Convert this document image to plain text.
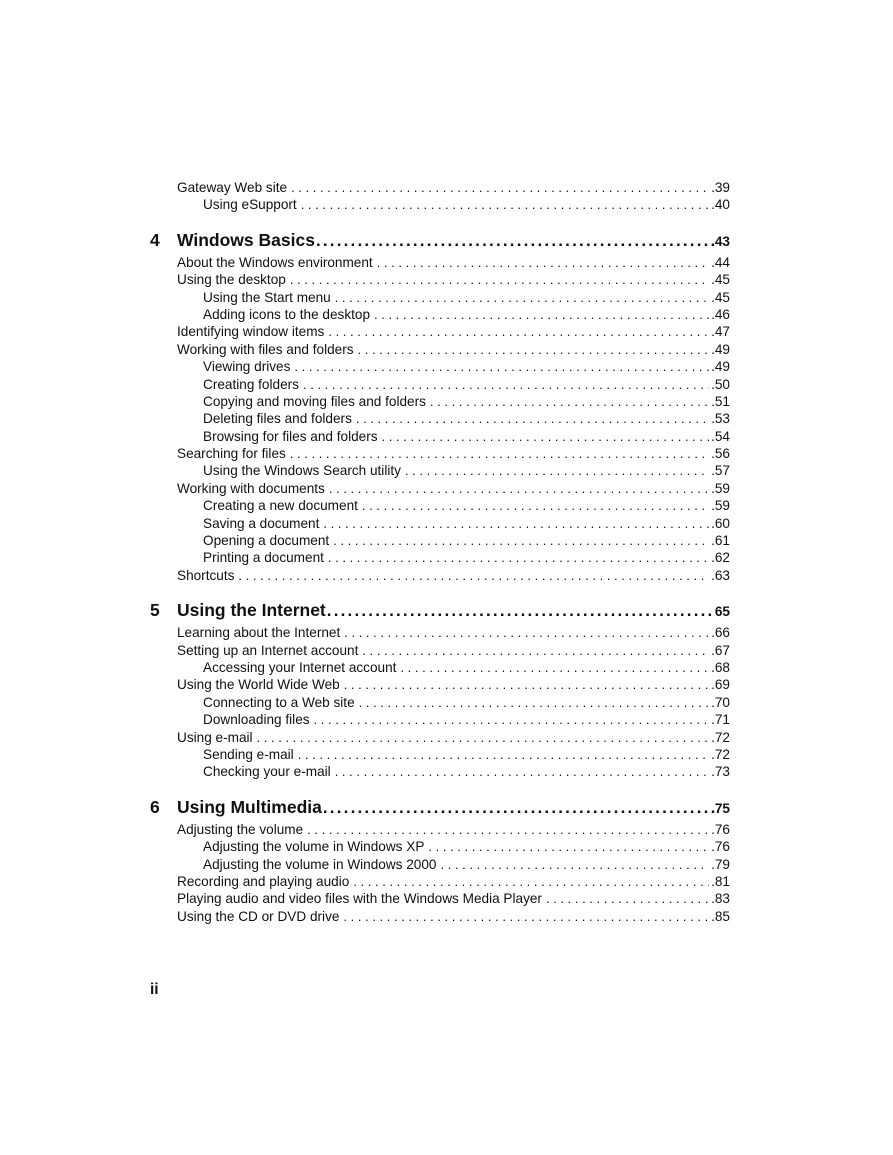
Gateway Web site . . .	.39
Using eSupport . . .	.40
4 Windows Basics .....	43
About the Windows environment . . .	.44
Using the desktop . . .	.45
Using the Start menu . . .	.45
Adding icons to the desktop . . .	.46
Identifying window items . . .	.47
Working with files and folders . . .	.49
Viewing drives . . .	.49
Creating folders . . .	.50
Copying and moving files and folders . . .	.51
Deleting files and folders . . .	.53
Browsing for files and folders . . .	.54
Searching for files . . .	.56
Using the Windows Search utility . . .	.57
Working with documents . . .	.59
Creating a new document . . .	.59
Saving a document . . .	.60
Opening a document . . .	.61
Printing a document . . .	.62
Shortcuts . . .	.63
5 Using the Internet .....	65
Learning about the Internet . . .	.66
Setting up an Internet account . . .	.67
Accessing your Internet account . . .	.68
Using the World Wide Web . . .	.69
Connecting to a Web site . . .	.70
Downloading files . . .	.71
Using e-mail . . .	.72
Sending e-mail . . .	.72
Checking your e-mail . . .	.73
6 Using Multimedia .....	75
Adjusting the volume . . .	.76
Adjusting the volume in Windows XP . . .	.76
Adjusting the volume in Windows 2000 . . .	.79
Recording and playing audio . . .	.81
Playing audio and video files with the Windows Media Player . . .	.83
Using the CD or DVD drive . . .	.85
ii
